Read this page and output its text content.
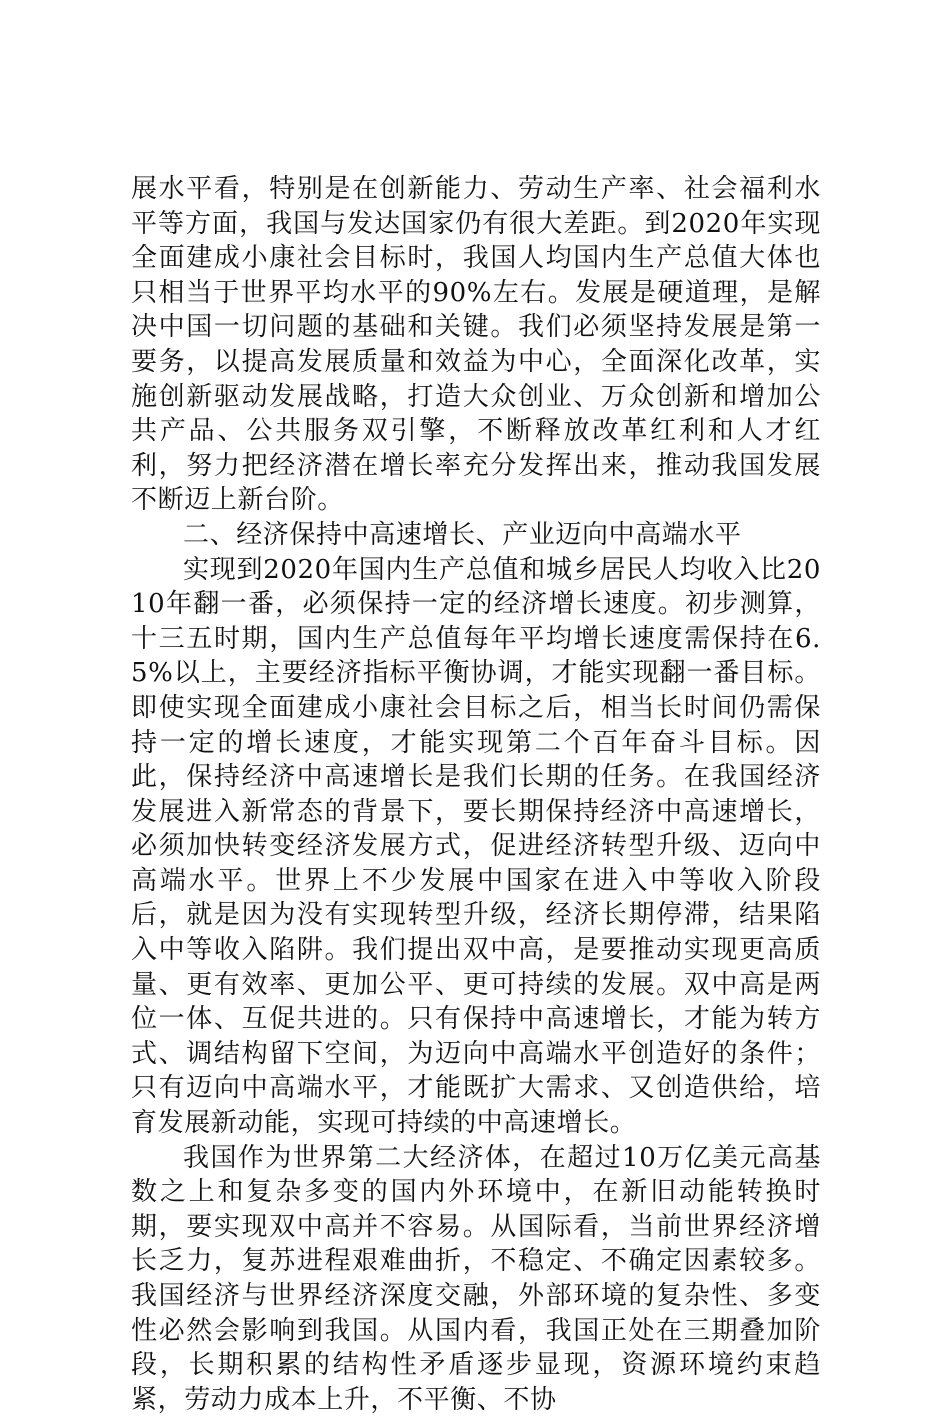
展水平看，特别是在创新能力、劳动生产率、社会福利水平等方面，我国与发达国家仍有很大差距。到2020年实现全面建成小康社会目标时，我国人均国内生产总值大体也只相当于世界平均水平的90%左右。发展是硬道理，是解决中国一切问题的基础和关键。我们必须坚持发展是第一要务，以提高发展质量和效益为中心，全面深化改革，实施创新驱动发展战略，打造大众创业、万众创新和增加公共产品、公共服务双引擎，不断释放改革红利和人才红利，努力把经济潜在增长率充分发挥出来，推动我国发展不断迈上新台阶。

二、经济保持中高速增长、产业迈向中高端水平

实现到2020年国内生产总值和城乡居民人均收入比2010年翻一番，必须保持一定的经济增长速度。初步测算，十三五时期，国内生产总值每年平均增长速度需保持在6.5%以上，主要经济指标平衡协调，才能实现翻一番目标。即使实现全面建成小康社会目标之后，相当长时间仍需保持一定的增长速度，才能实现第二个百年奋斗目标。因此，保持经济中高速增长是我们长期的任务。在我国经济发展进入新常态的背景下，要长期保持经济中高速增长，必须加快转变经济发展方式，促进经济转型升级、迈向中高端水平。世界上不少发展中国家在进入中等收入阶段后，就是因为没有实现转型升级，经济长期停滞，结果陷入中等收入陷阱。我们提出双中高，是要推动实现更高质量、更有效率、更加公平、更可持续的发展。双中高是两位一体、互促共进的。只有保持中高速增长，才能为转方式、调结构留下空间，为迈向中高端水平创造好的条件；只有迈向中高端水平，才能既扩大需求、又创造供给，培育发展新动能，实现可持续的中高速增长。

我国作为世界第二大经济体，在超过10万亿美元高基数之上和复杂多变的国内外环境中，在新旧动能转换时期，要实现双中高并不容易。从国际看，当前世界经济增长乏力，复苏进程艰难曲折，不稳定、不确定因素较多。我国经济与世界经济深度交融，外部环境的复杂性、多变性必然会影响到我国。从国内看，我国正处在三期叠加阶段，长期积累的结构性矛盾逐步显现，资源环境约束趋紧，劳动力成本上升，不平衡、不协
